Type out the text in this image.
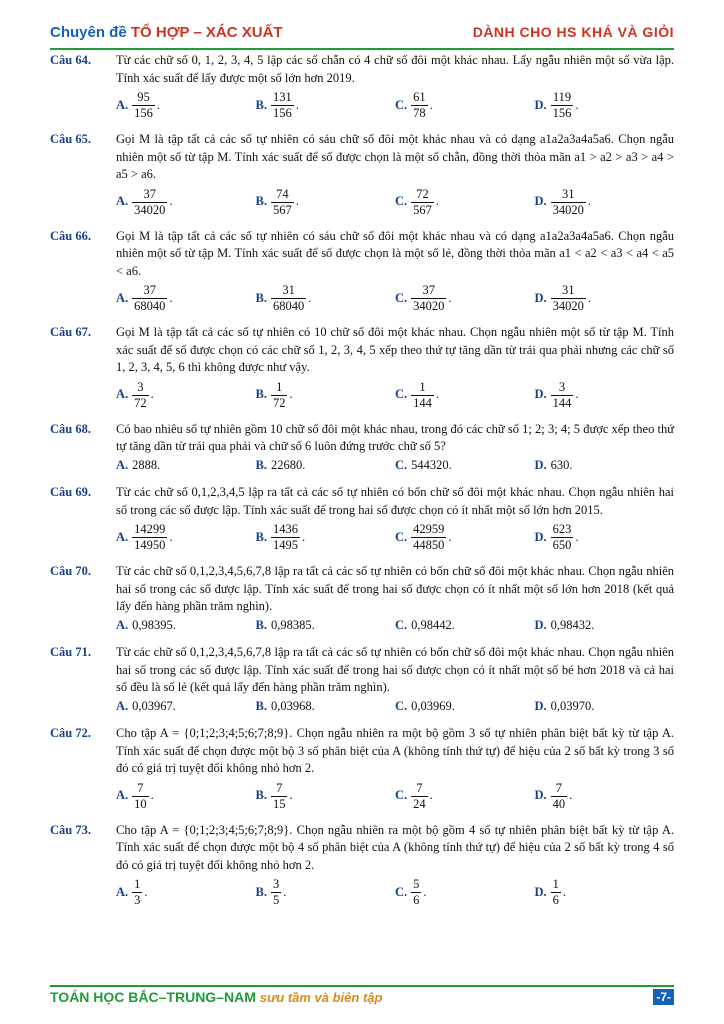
Chuyên đề TỔ HỢP – XÁC XUẤT	DÀNH CHO HS KHÁ VÀ GIỎI
Câu 64. Từ các chữ số 0, 1, 2, 3, 4, 5 lập các số chẵn có 4 chữ số đôi một khác nhau. Lấy ngẫu nhiên một số vừa lập. Tính xác suất để lấy được một số lớn hơn 2019.
A. $\frac{95}{156}$ .	B. $\frac{131}{156}$ .	C. $\frac{61}{78}$ .	D. $\frac{119}{156}$ .
Câu 65. Gọi M là tập tất cả các số tự nhiên có sáu chữ số đôi một khác nhau và có dạng a1a2a3a4a5a6. Chọn ngẫu nhiên một số từ tập M. Tính xác suất để số được chọn là một số chẵn, đồng thời thỏa mãn a1 > a2 > a3 > a4 > a5 > a6.
A. $\frac{37}{34020}$ .	B. $\frac{74}{567}$ .	C. $\frac{72}{567}$ .	D. $\frac{31}{34020}$ .
Câu 66. Gọi M là tập tất cả các số tự nhiên có sáu chữ số đôi một khác nhau và có dạng a1a2a3a4a5a6. Chọn ngẫu nhiên một số từ tập M. Tính xác suất để số được chọn là một số lẻ, đồng thời thỏa mãn a1 < a2 < a3 < a4 < a5 < a6.
A. $\frac{37}{68040}$ .	B. $\frac{31}{68040}$ .	C. $\frac{37}{34020}$ .	D. $\frac{31}{34020}$ .
Câu 67. Gọi M là tập tất cả các số tự nhiên có 10 chữ số đôi một khác nhau. Chọn ngẫu nhiên một số từ tập M. Tính xác suất để số được chọn có các chữ số 1, 2, 3, 4, 5 xếp theo thứ tự tăng dần từ trái qua phải nhưng các chữ số 1, 2, 3, 4, 5, 6 thì không được như vậy.
A. $\frac{3}{72}$ .	B. $\frac{1}{72}$ .	C. $\frac{1}{144}$ .	D. $\frac{3}{144}$ .
Câu 68. Có bao nhiêu số tự nhiên gồm 10 chữ số đôi một khác nhau, trong đó các chữ số 1; 2; 3; 4; 5 được xếp theo thứ tự tăng dần từ trái qua phải và chữ số 6 luôn đứng trước chữ số 5?
A. 2888.	B. 22680.	C. 544320.	D. 630.
Câu 69. Từ các chữ số 0,1,2,3,4,5 lập ra tất cả các số tự nhiên có bốn chữ số đôi một khác nhau. Chọn ngẫu nhiên hai số trong các số được lập. Tính xác suất để trong hai số được chọn có ít nhất một số lớn hơn 2015.
A. $\frac{14299}{14950}$ .	B. $\frac{1436}{1495}$ .	C. $\frac{42959}{44850}$ .	D. $\frac{623}{650}$ .
Câu 70. Từ các chữ số 0,1,2,3,4,5,6,7,8 lập ra tất cả các số tự nhiên có bốn chữ số đôi một khác nhau. Chọn ngẫu nhiên hai số trong các số được lập. Tính xác suất để trong hai số được chọn có ít nhất một số lớn hơn 2018 (kết quả lấy đến hàng phần trăm nghìn).
A. 0,98395.	B. 0,98385.	C. 0,98442.	D. 0,98432.
Câu 71. Từ các chữ số 0,1,2,3,4,5,6,7,8 lập ra tất cả các số tự nhiên có bốn chữ số đôi một khác nhau. Chọn ngẫu nhiên hai số trong các số được lập. Tính xác suất để trong hai số được chọn có ít nhất một số bé hơn 2018 và cả hai số đều là số lẻ (kết quả lấy đến hàng phần trăm nghìn).
A. 0,03967.	B. 0,03968.	C. 0,03969.	D. 0,03970.
Câu 72. Cho tập A = {0;1;2;3;4;5;6;7;8;9}. Chọn ngẫu nhiên ra một bộ gồm 3 số tự nhiên phân biệt bất kỳ từ tập A. Tính xác suất để chọn được một bộ 3 số phân biệt của A (không tính thứ tự) để hiệu của 2 số bất kỳ trong 3 số đó có giá trị tuyệt đối không nhỏ hơn 2.
A. $\frac{7}{10}$ .	B. $\frac{7}{15}$ .	C. $\frac{7}{24}$ .	D. $\frac{7}{40}$ .
Câu 73. Cho tập A = {0;1;2;3;4;5;6;7;8;9}. Chọn ngẫu nhiên ra một bộ gồm 4 số tự nhiên phân biệt bất kỳ từ tập A. Tính xác suất để chọn được một bộ 4 số phân biệt của A (không tính thứ tự) để hiệu của 2 số bất kỳ trong 4 số đó có giá trị tuyệt đối không nhỏ hơn 2.
A. $\frac{1}{3}$ .	B. $\frac{3}{5}$ .	C. $\frac{5}{6}$ .	D. $\frac{1}{6}$ .
TOÁN HỌC BẮC–TRUNG–NAM sưu tầm và biên tập	-7-
